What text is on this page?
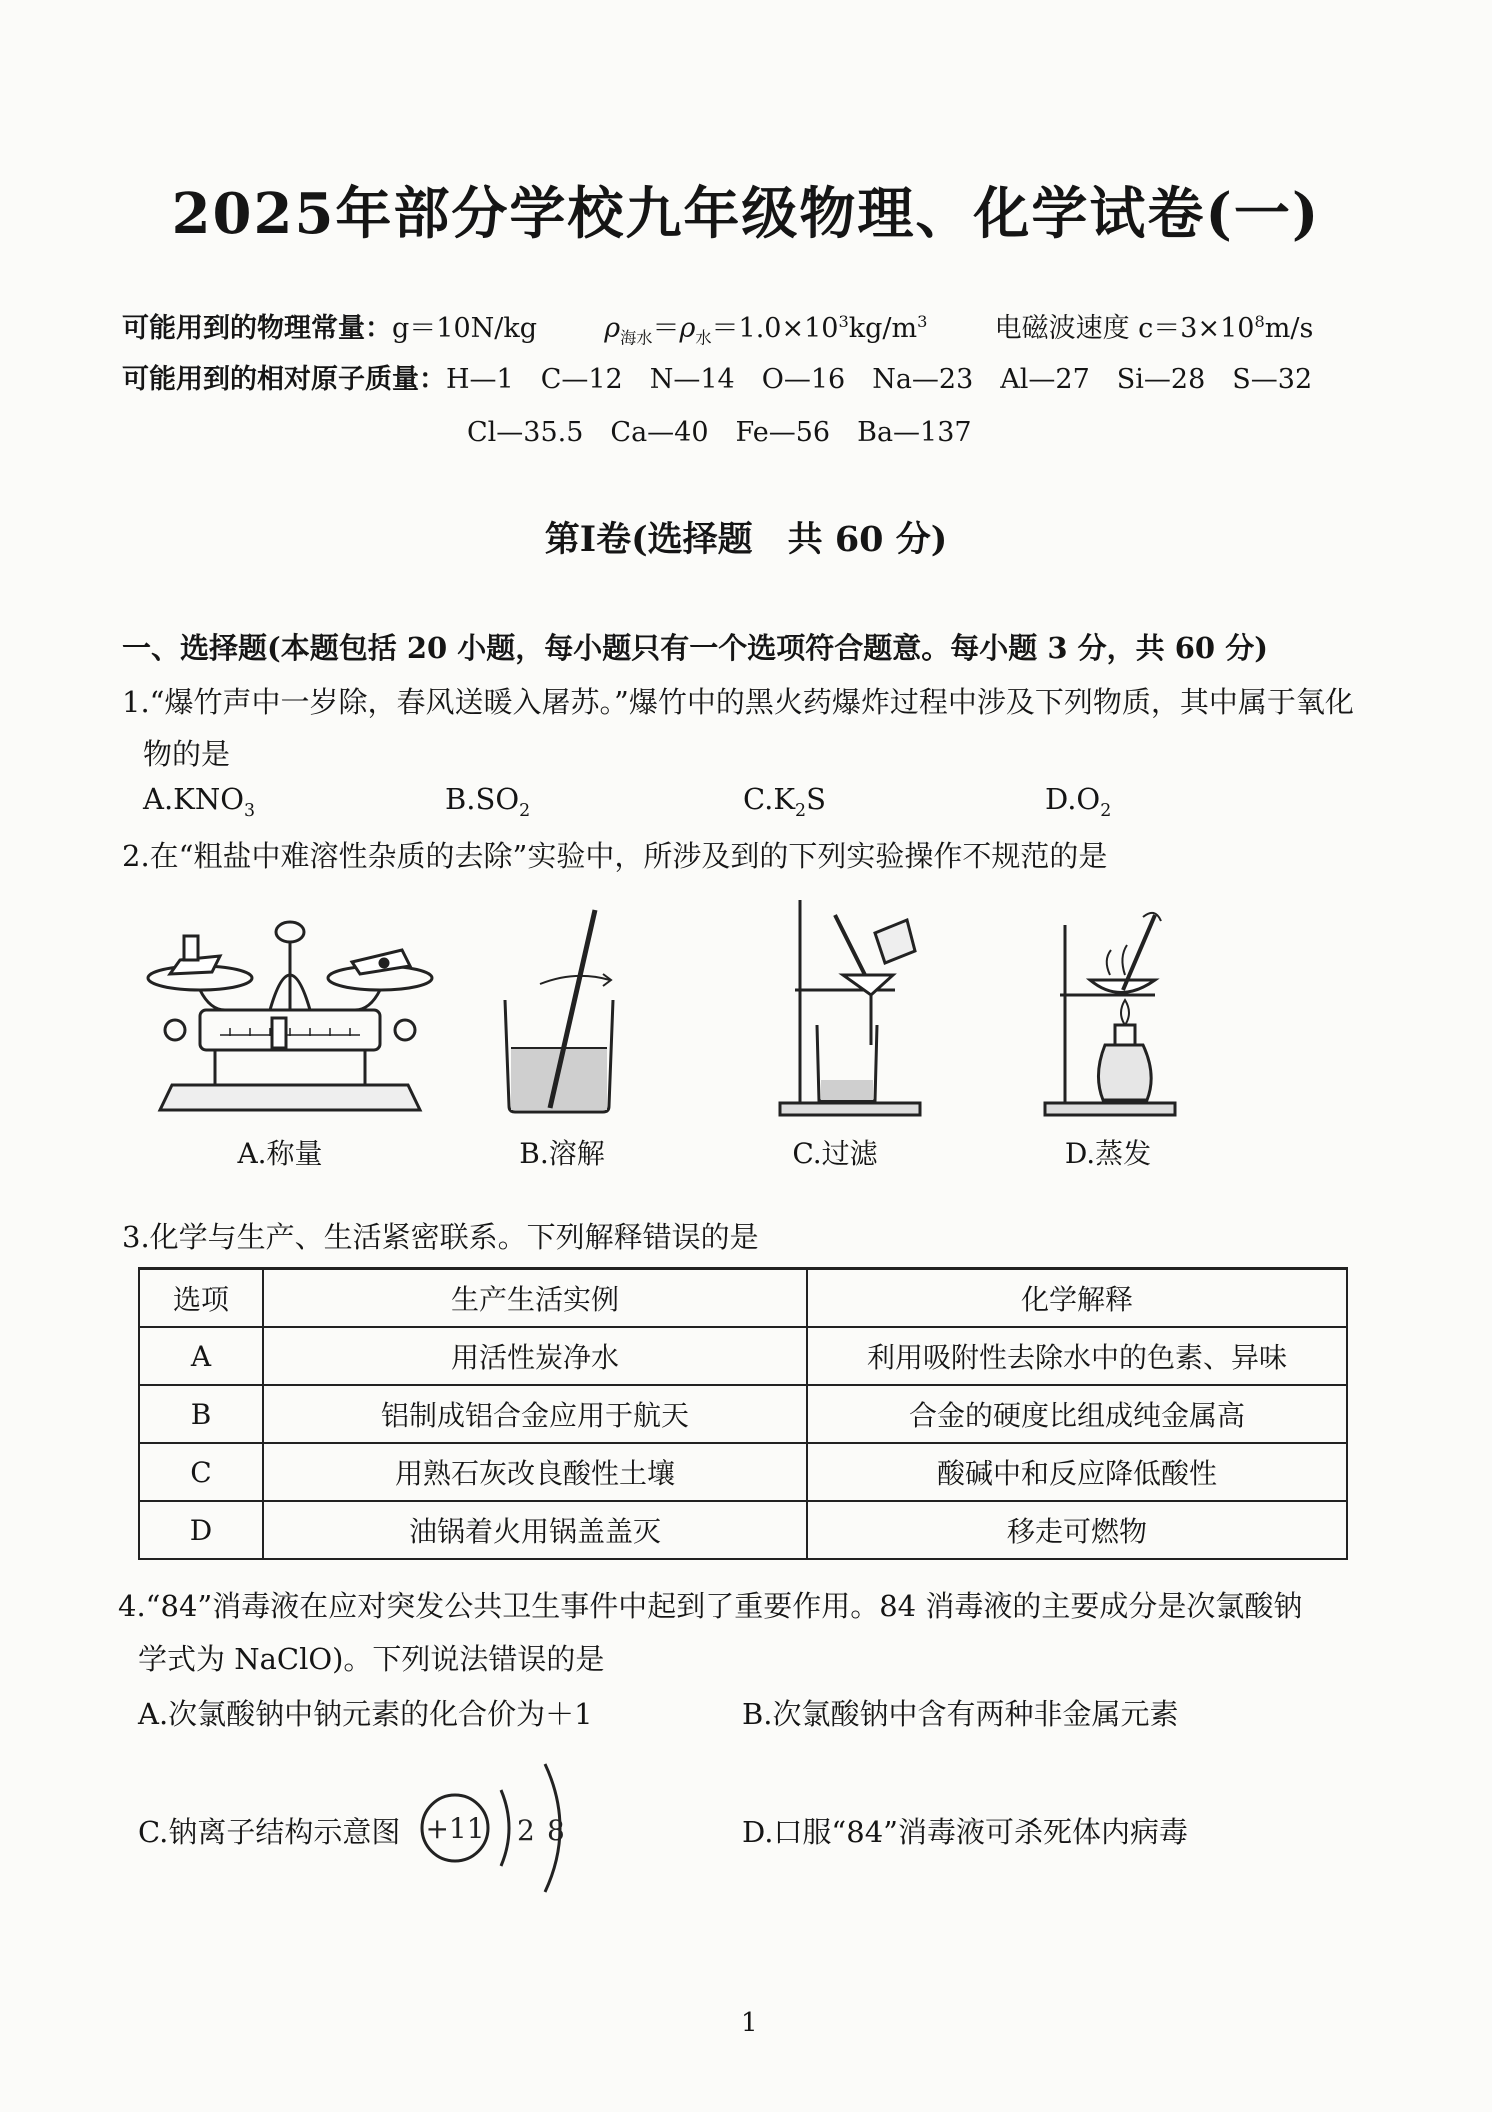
2025年部分学校九年级物理、化学试卷(一)
可能用到的物理常量：g＝10N/kg $\rho_{海水}=\rho_水=1.0\times 10^3kg/m^3$ 电磁波速度 $c=3\times 10^8m/s$
可能用到的相对原子质量：H—1　C—12　N—14　O—16　Na—23　Al—27　Si—28　S—32
Cl—35.5　Ca—40　Fe—56　Ba—137
第Ⅰ卷(选择题　共 60 分)
一、选择题(本题包括 20 小题，每小题只有一个选项符合题意。每小题 3 分，共 60 分)
1.“爆竹声中一岁除，春风送暖入屠苏。”爆竹中的黑火药爆炸过程中涉及下列物质，其中属于氧化
物的是
$A.KNO_3$	$B.SO_2$	$C.K_2S$	$D.O_2$
2.在“粗盐中难溶性杂质的去除”实验中，所涉及到的下列实验操作不规范的是
A.称量	B.溶解	C.过滤	D.蒸发
3.化学与生产、生活紧密联系。下列解释错误的是
选项	生产生活实例	化学解释
A	用活性炭净水	利用吸附性去除水中的色素、异味
B	铝制成铝合金应用于航天	合金的硬度比组成纯金属高
C	用熟石灰改良酸性土壤	酸碱中和反应降低酸性
D	油锅着火用锅盖盖灭	移走可燃物
4.“84”消毒液在应对突发公共卫生事件中起到了重要作用。84 消毒液的主要成分是次氯酸钠
学式为 NaClO)。下列说法错误的是
A.次氯酸钠中钠元素的化合价为＋1	B.次氯酸钠中含有两种非金属元素
C.钠离子结构示意图 +11 2 8	D.口服“84”消毒液可杀死体内病毒
1
